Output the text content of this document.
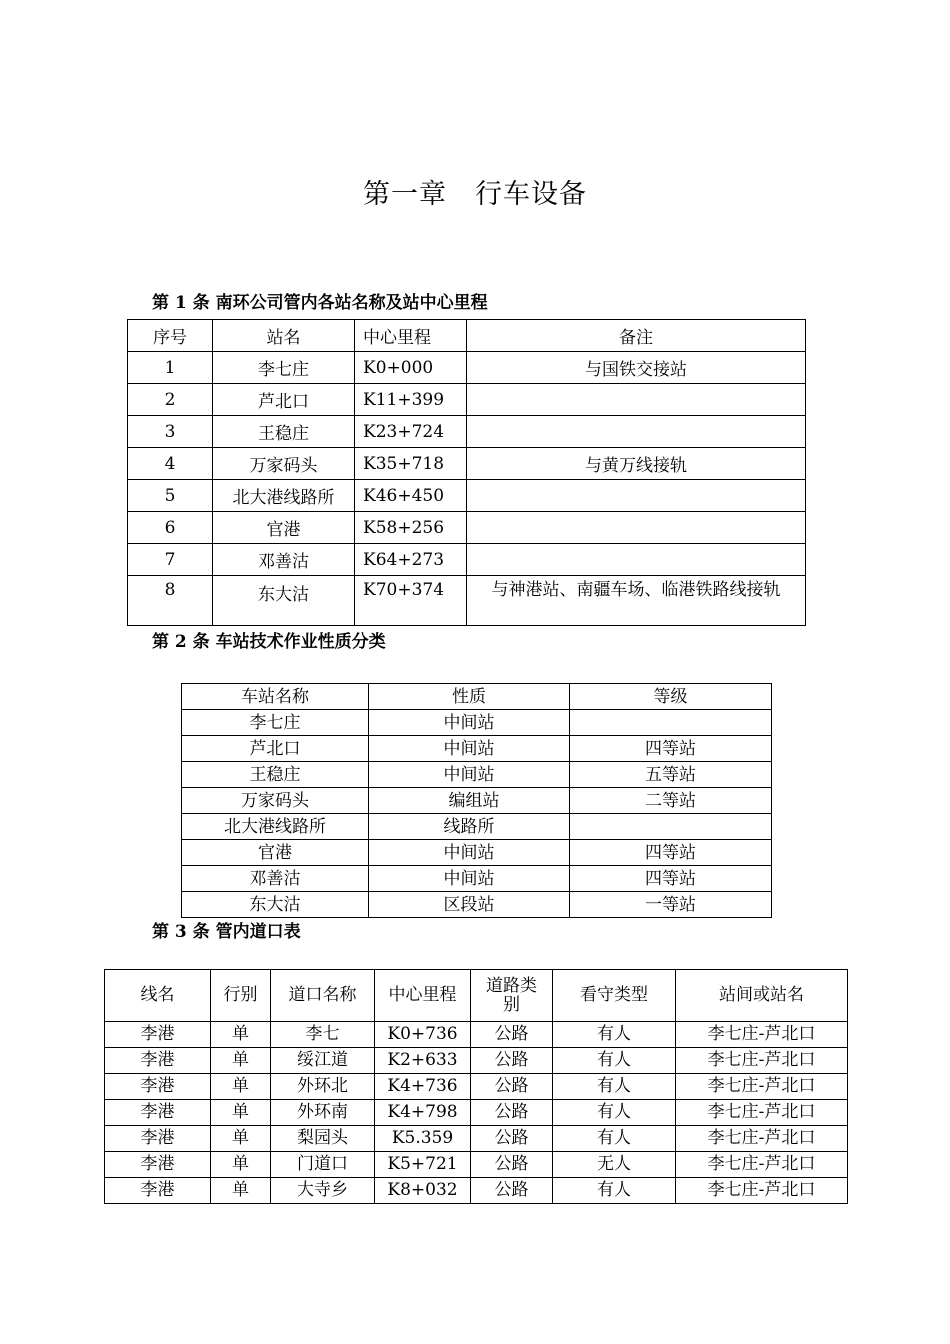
第一章　行车设备
第 1 条 南环公司管内各站名称及站中心里程
序号	站名	中心里程	备注
1	李七庄	K0+000	与国铁交接站
2	芦北口	K11+399	
3	王稳庄	K23+724	
4	万家码头	K35+718	与黄万线接轨
5	北大港线路所	K46+450	
6	官港	K58+256	
7	邓善沽	K64+273	
8	东大沽	K70+374	与神港站、南疆车场、临港铁路线接轨
第 2 条 车站技术作业性质分类
车站名称	性质	等级
李七庄	中间站	
芦北口	中间站	四等站
王稳庄	中间站	五等站
万家码头	编组站	二等站
北大港线路所	线路所	
官港	中间站	四等站
邓善沽	中间站	四等站
东大沽	区段站	一等站
第 3 条 管内道口表
线名	行别	道口名称	中心里程	道路类别	看守类型	站间或站名
李港	单	李七	K0+736	公路	有人	李七庄-芦北口
李港	单	绥江道	K2+633	公路	有人	李七庄-芦北口
李港	单	外环北	K4+736	公路	有人	李七庄-芦北口
李港	单	外环南	K4+798	公路	有人	李七庄-芦北口
李港	单	梨园头	K5.359	公路	有人	李七庄-芦北口
李港	单	门道口	K5+721	公路	无人	李七庄-芦北口
李港	单	大寺乡	K8+032	公路	有人	李七庄-芦北口
